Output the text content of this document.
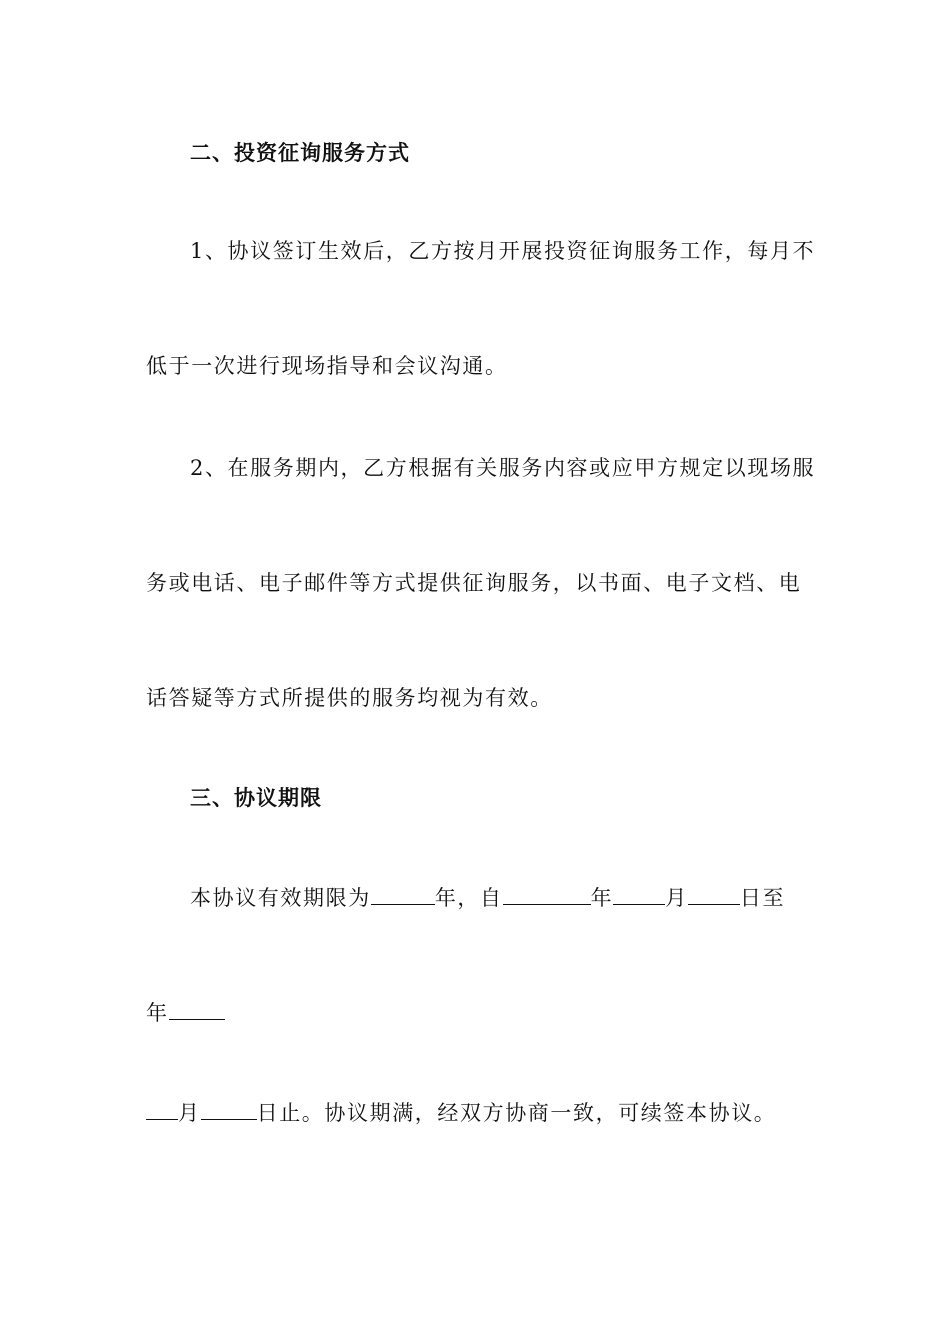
二、投资征询服务方式
1、协议签订生效后，乙方按月开展投资征询服务工作，每月不
低于一次进行现场指导和会议沟通。
2、在服务期内，乙方根据有关服务内容或应甲方规定以现场服
务或电话、电子邮件等方式提供征询服务，以书面、电子文档、电
话答疑等方式所提供的服务均视为有效。
三、协议期限
本协议有效期限为	年，自	年 月 日至
年
月	日止。协议期满，经双方协商一致，可续签本协议。
